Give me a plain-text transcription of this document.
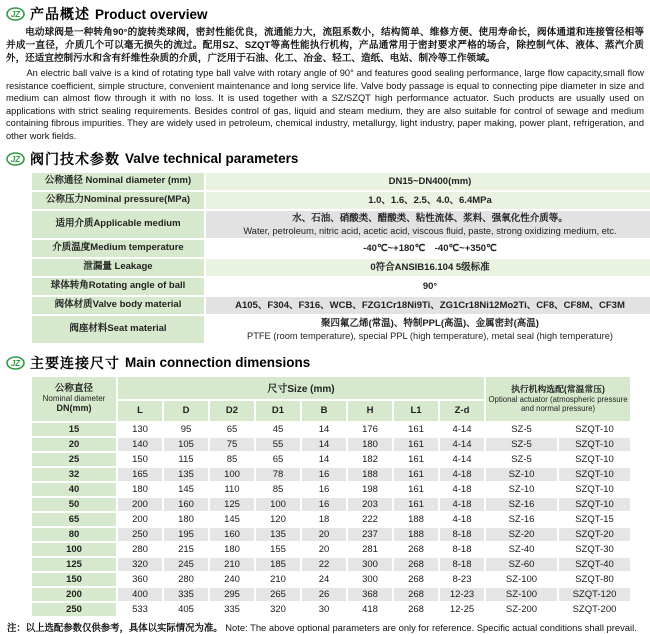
JZ 产品概述 Product overview

电动球阀是一种转角90°的旋转类球阀，密封性能优良，流通能力大，流阻系数小，结构简单、维修方便、使用寿命长，阀体通道和连接管径相等并成一直径，介质几个可以毫无损失的流过。配用SZ、SZQT等高性能执行机构，产品通常用于密封要求严格的场合，除控制气体、液体、蒸汽介质外，还适宜控制污水和含有纤维性杂质的介质，广泛用于石油、化工、冶金、轻工、造纸、电站、制冷等工作领域。

An electric ball valve is a kind of rotating type ball valve with rotary angle of 90° and features good sealing performance, large flow capacity,small flow resistance coefficient, simple structure, convenient maintenance and long service life. Valve body passage is equal to connecting pipe diameter in size and medium can almost flow through it with no loss. It is used together with a SZ/SZQT high performance actuator. Such products are usually used on applications with strict sealing requirements. Besides control of gas, liquid and steam medium, they are also suitable for control of sewage and medium containing fibrous impurities. They are widely used in petroleum, chemical industry, metallurgy, light industry, paper making, power plant, refrigeration, and other work fields.

JZ 阀门技术参数 Valve technical parameters
公称通径 Nominal diameter (mm)	DN15~DN400(mm)

公称压力Nominal pressure(MPa)	1.0、1.6、2.5、4.0、6.4MPa

适用介质Applicable medium	水、石油、硝酸类、醋酸类、粘性流体、浆料、强氧化性介质等。
Water, petroleum, nitric acid, acetic acid, viscous fluid, paste, strong oxidizing medium, etc.

介质温度Medium temperature	-40℃~+180℃　-40℃~+350℃

泄漏量 Leakage	0符合ANSIB16.104 5级标准

球体转角Rotating angle of ball	90°

阀体材质Valve body material	A105、F304、F316、WCB、FZG1Cr18Ni9Ti、ZG1Cr18Ni12Mo2Ti、CF8、CF8M、CF3M

阀座材料Seat material	聚四氟乙烯(常温)、特制PPL(高温)、金属密封(高温)
PTFE (room temperature), special PPL (high temperature), metal seal (high temperature)
JZ 主要连接尺寸 Main connection dimensions
公称直径
Nominal diameter
DN(mm)
	尺寸Size (mm)	执行机构选配(常温常压)
Optional actuator (atmospheric pressure and normal pressure)

	L	D	D2	D1	B	H	L1	Z-d		
15	130	95	65	45	14	176	161	4-14	SZ-5	SZQT-10
20	140	105	75	55	14	180	161	4-14	SZ-5	SZQT-10
25	150	115	85	65	14	182	161	4-14	SZ-5	SZQT-10
32	165	135	100	78	16	188	161	4-18	SZ-10	SZQT-10
40	180	145	110	85	16	198	161	4-18	SZ-10	SZQT-10
50	200	160	125	100	16	203	161	4-18	SZ-16	SZQT-10
65	200	180	145	120	18	222	188	4-18	SZ-16	SZQT-15
80	250	195	160	135	20	237	188	8-18	SZ-20	SZQT-20
100	280	215	180	155	20	281	268	8-18	SZ-40	SZQT-30
125	320	245	210	185	22	300	268	8-18	SZ-60	SZQT-40
150	360	280	240	210	24	300	268	8-23	SZ-100	SZQT-80
200	400	335	295	265	26	368	268	12-23	SZ-100	SZQT-120
250	533	405	335	320	30	418	268	12-25	SZ-200	SZQT-200

注：以上选配参数仅供参考，具体以实际情况为准。 Note: The above optional parameters are only for reference. Specific actual conditions shall prevail.
